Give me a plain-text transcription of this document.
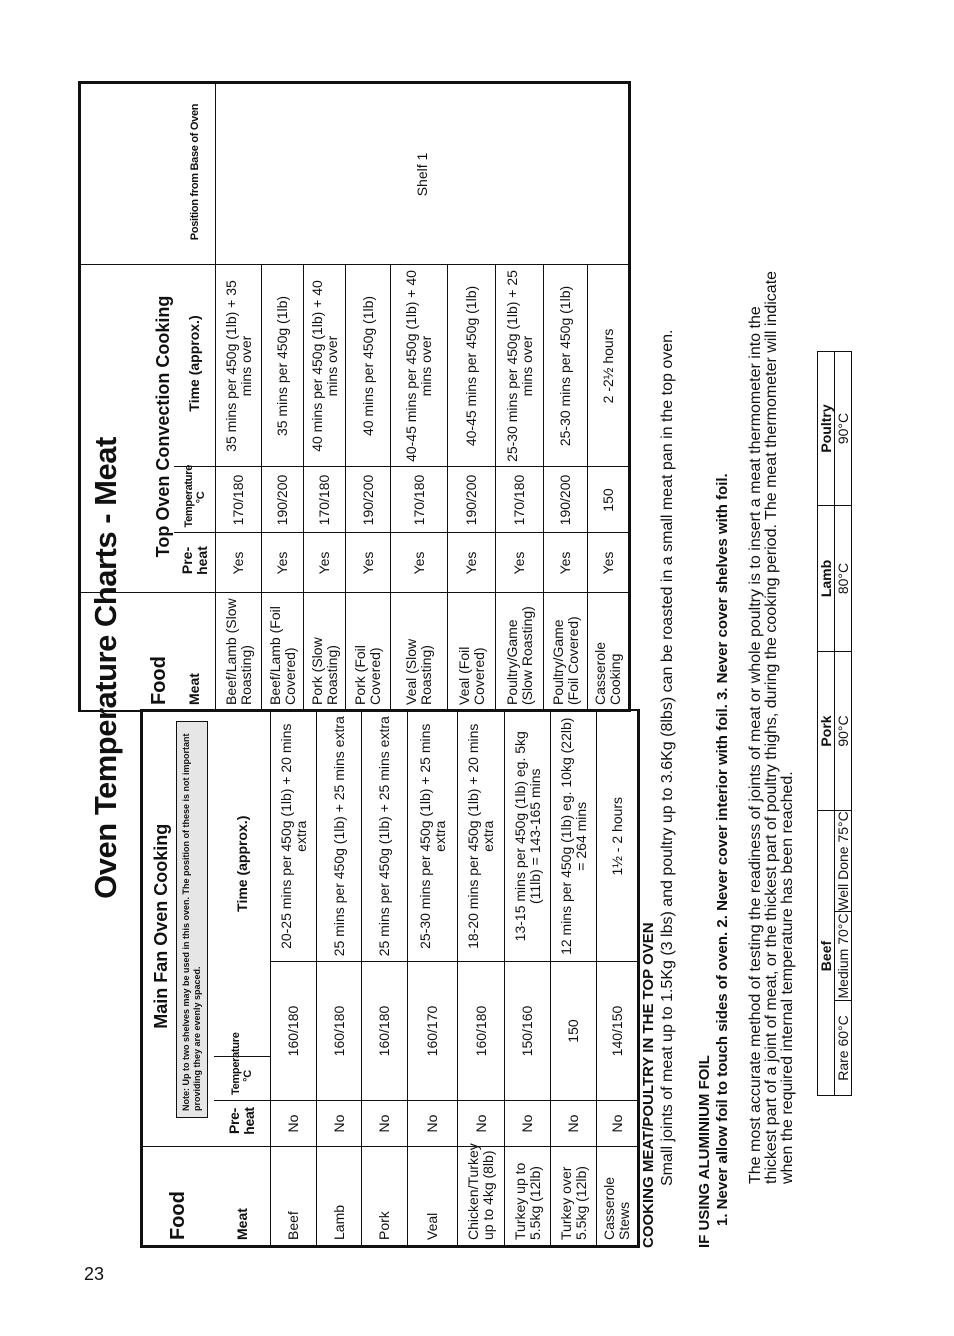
23
Oven Temperature Charts - Meat
Food	Main Fan Oven Cooking			

	Note: Up to two shelves may be used in this oven. The position of these is not important providing they are evenly spaced.			

Meat	Pre-heat	Temperature °C	Time (approx.)	
Beef	No	160/180		20-25 mins per 450g (1lb) + 20 mins extra
Lamb	No	160/180		25 mins per 450g (1lb) + 25 mins extra
Pork	No	160/180		25 mins per 450g (1lb) + 25 mins extra
Veal	No	160/170		25-30 mins per 450g (1lb) + 25 mins extra
Chicken/Turkey up to 4kg (8lb)	No	160/180		18-20 mins per 450g (1lb) + 20 mins extra
Turkey up to 5.5kg (12lb)	No	150/160		13-15 mins per 450g (1lb) eg. 5kg (11lb) = 143-165 mins
Turkey over 5.5kg (12lb)	No	150		12 mins per 450g (1lb) eg. 10kg (22lb) = 264 mins
Casserole Stews	No	140/150		1½ - 2 hours
Food	Top Oven Convection Cooking			
Meat	Pre-heat	Temperature °C	Time (approx.)	Position from Base of Oven
Beef/Lamb (Slow Roasting)	Yes	170/180	35 mins per 450g (1lb) + 35 mins over	Shelf 1
Beef/Lamb (Foil Covered)	Yes	190/200	35 mins per 450g (1lb)	
Pork (Slow Roasting)	Yes	170/180	40 mins per 450g (1lb) + 40 mins over	
Pork (Foil Covered)	Yes	190/200	40 mins per 450g (1lb)	
Veal (Slow Roasting)	Yes	170/180	40-45 mins per 450g (1lb) + 40 mins over	
Veal (Foil Covered)	Yes	190/200	40-45 mins per 450g (1lb)	
Poultry/Game (Slow Roasting)	Yes	170/180	25-30 mins per 450g (1lb) + 25 mins over	
Poultry/Game (Foil Covered)	Yes	190/200	25-30 mins per 450g (1lb)	
Casserole Cooking	Yes	150	2 -2½ hours	
COOKING MEAT/POULTRY IN THE TOP OVEN Small joints of meat up to 1.5Kg (3 lbs) and poultry up to 3.6Kg (8lbs) can be roasted in a small meat pan in the top oven. IF USING ALUMINIUM FOIL 1. Never allow foil to touch sides of oven. 2. Never cover interior with foil. 3. Never cover shelves with foil. The most accurate method of testing the readiness of joints of meat or whole poultry is to insert a meat thermometer into the thickest part of a joint of meat, or the thickest part of poultry thighs, during the cooking period. The meat thermometer will indicate when the required internal temperature has been reached.
	Beef		Pork	Lamb	Poultry
Rare 60°C	Medium 70°C	Well Done 75°C	90°C	80°C	90°C
